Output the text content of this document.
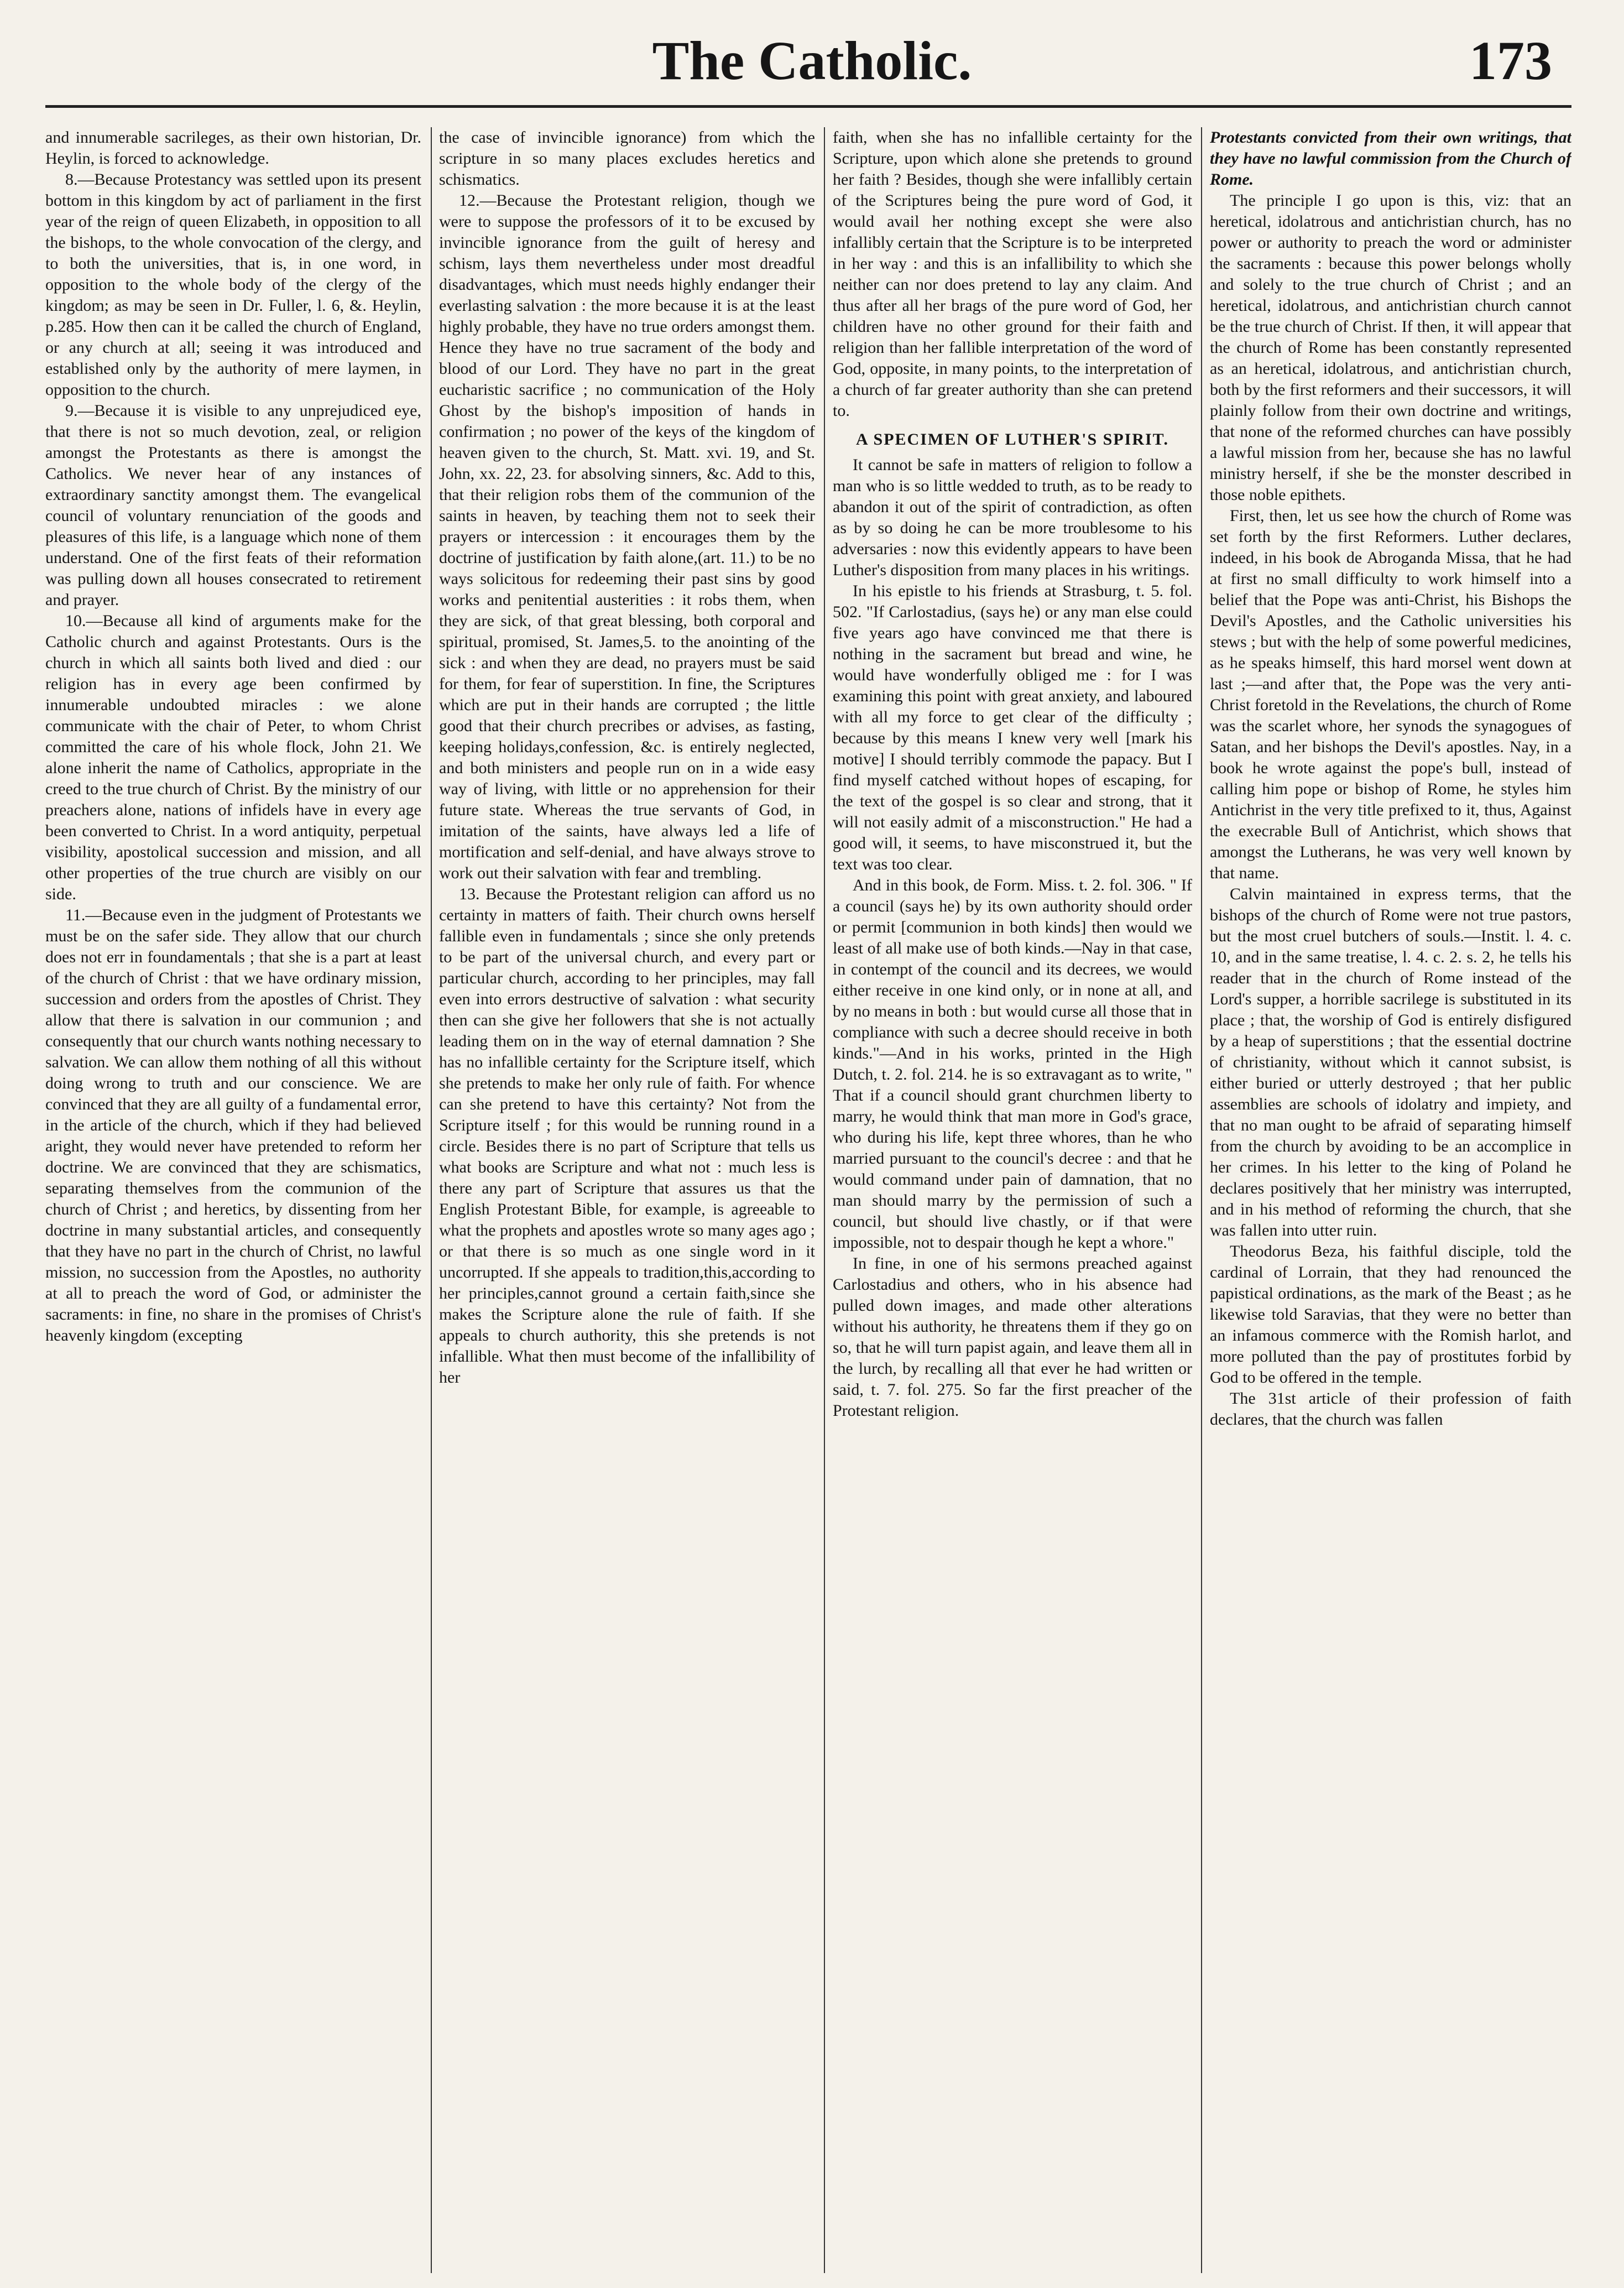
The Catholic.	173

and innumerable sacrileges, as their own historian, Dr. Heylin, is forced to acknowledge.

8.—Because Protestancy was settled upon its present bottom in this kingdom by act of parliament in the first year of the reign of queen Elizabeth, in opposition to all the bishops, to the whole convocation of the clergy, and to both the universities, that is, in one word, in opposition to the whole body of the clergy of the kingdom; as may be seen in Dr. Fuller, l. 6, &. Heylin, p.285. How then can it be called the church of England, or any church at all; seeing it was introduced and established only by the authority of mere laymen, in opposition to the church.

9.—Because it is visible to any unprejudiced eye, that there is not so much devotion, zeal, or religion amongst the Protestants as there is amongst the Catholics. We never hear of any instances of extraordinary sanctity amongst them. The evangelical council of voluntary renunciation of the goods and pleasures of this life, is a language which none of them understand. One of the first feats of their reformation was pulling down all houses consecrated to retirement and prayer.

10.—Because all kind of arguments make for the Catholic church and against Protestants. Ours is the church in which all saints both lived and died : our religion has in every age been confirmed by innumerable undoubted miracles : we alone communicate with the chair of Peter, to whom Christ committed the care of his whole flock, John 21. We alone inherit the name of Catholics, appropriate in the creed to the true church of Christ. By the ministry of our preachers alone, nations of infidels have in every age been converted to Christ. In a word antiquity, perpetual visibility, apostolical succession and mission, and all other properties of the true church are visibly on our side.

11.—Because even in the judgment of Protestants we must be on the safer side. They allow that our church does not err in foundamentals ; that she is a part at least of the church of Christ : that we have ordinary mission, succession and orders from the apostles of Christ. They allow that there is salvation in our communion ; and consequently that our church wants nothing necessary to salvation. We can allow them nothing of all this without doing wrong to truth and our conscience. We are convinced that they are all guilty of a fundamental error, in the article of the church, which if they had believed aright, they would never have pretended to reform her doctrine. We are convinced that they are schismatics, separating themselves from the communion of the church of Christ ; and heretics, by dissenting from her doctrine in many substantial articles, and consequently that they have no part in the church of Christ, no lawful mission, no succession from the Apostles, no authority at all to preach the word of God, or administer the sacraments: in fine, no share in the promises of Christ's heavenly kingdom (excepting

the case of invincible ignorance) from which the scripture in so many places excludes heretics and schismatics.

12.—Because the Protestant religion, though we were to suppose the professors of it to be excused by invincible ignorance from the guilt of heresy and schism, lays them nevertheless under most dreadful disadvantages, which must needs highly endanger their everlasting salvation : the more because it is at the least highly probable, they have no true orders amongst them. Hence they have no true sacrament of the body and blood of our Lord. They have no part in the great eucharistic sacrifice ; no communication of the Holy Ghost by the bishop's imposition of hands in confirmation ; no power of the keys of the kingdom of heaven given to the church, St. Matt. xvi. 19, and St. John, xx. 22, 23. for absolving sinners, &c. Add to this, that their religion robs them of the communion of the saints in heaven, by teaching them not to seek their prayers or intercession : it encourages them by the doctrine of justification by faith alone,(art. 11.) to be no ways solicitous for redeeming their past sins by good works and penitential austerities : it robs them, when they are sick, of that great blessing, both corporal and spiritual, promised, St. James,5. to the anointing of the sick : and when they are dead, no prayers must be said for them, for fear of superstition. In fine, the Scriptures which are put in their hands are corrupted ; the little good that their church precribes or advises, as fasting, keeping holidays,confession, &c. is entirely neglected, and both ministers and people run on in a wide easy way of living, with little or no apprehension for their future state. Whereas the true servants of God, in imitation of the saints, have always led a life of mortification and self-denial, and have always strove to work out their salvation with fear and trembling.

13. Because the Protestant religion can afford us no certainty in matters of faith. Their church owns herself fallible even in fundamentals ; since she only pretends to be part of the universal church, and every part or particular church, according to her principles, may fall even into errors destructive of salvation : what security then can she give her followers that she is not actually leading them on in the way of eternal damnation ? She has no infallible certainty for the Scripture itself, which she pretends to make her only rule of faith. For whence can she pretend to have this certainty? Not from the Scripture itself ; for this would be running round in a circle. Besides there is no part of Scripture that tells us what books are Scripture and what not : much less is there any part of Scripture that assures us that the English Protestant Bible, for example, is agreeable to what the prophets and apostles wrote so many ages ago ; or that there is so much as one single word in it uncorrupted. If she appeals to tradition,this,according to her principles,cannot ground a certain faith,since she makes the Scripture alone the rule of faith. If she appeals to church authority, this she pretends is not infallible. What then must become of the infallibility of her

faith, when she has no infallible certainty for the Scripture, upon which alone she pretends to ground her faith ? Besides, though she were infallibly certain of the Scriptures being the pure word of God, it would avail her nothing except she were also infallibly certain that the Scripture is to be interpreted in her way : and this is an infallibility to which she neither can nor does pretend to lay any claim. And thus after all her brags of the pure word of God, her children have no other ground for their faith and religion than her fallible interpretation of the word of God, opposite, in many points, to the interpretation of a church of far greater authority than she can pretend to.

A SPECIMEN OF LUTHER'S SPIRIT.

It cannot be safe in matters of religion to follow a man who is so little wedded to truth, as to be ready to abandon it out of the spirit of contradiction, as often as by so doing he can be more troublesome to his adversaries : now this evidently appears to have been Luther's disposition from many places in his writings.

In his epistle to his friends at Strasburg, t. 5. fol. 502. "If Carlostadius, (says he) or any man else could five years ago have convinced me that there is nothing in the sacrament but bread and wine, he would have wonderfully obliged me : for I was examining this point with great anxiety, and laboured with all my force to get clear of the difficulty ; because by this means I knew very well [mark his motive] I should terribly commode the papacy. But I find myself catched without hopes of escaping, for the text of the gospel is so clear and strong, that it will not easily admit of a misconstruction." He had a good will, it seems, to have misconstrued it, but the text was too clear.

And in this book, de Form. Miss. t. 2. fol. 306. " If a council (says he) by its own authority should order or permit [communion in both kinds] then would we least of all make use of both kinds.—Nay in that case, in contempt of the council and its decrees, we would either receive in one kind only, or in none at all, and by no means in both : but would curse all those that in compliance with such a decree should receive in both kinds."—And in his works, printed in the High Dutch, t. 2. fol. 214. he is so extravagant as to write, " That if a council should grant churchmen liberty to marry, he would think that man more in God's grace, who during his life, kept three whores, than he who married pursuant to the council's decree : and that he would command under pain of damnation, that no man should marry by the permission of such a council, but should live chastly, or if that were impossible, not to despair though he kept a whore."

In fine, in one of his sermons preached against Carlostadius and others, who in his absence had pulled down images, and made other alterations without his authority, he threatens them if they go on so, that he will turn papist again, and leave them all in the lurch, by recalling all that ever he had written or said, t. 7. fol. 275. So far the first preacher of the Protestant religion.

Protestants convicted from their own writings, that they have no lawful commission from the Church of Rome.

The principle I go upon is this, viz: that an heretical, idolatrous and antichristian church, has no power or authority to preach the word or administer the sacraments : because this power belongs wholly and solely to the true church of Christ ; and an heretical, idolatrous, and antichristian church cannot be the true church of Christ. If then, it will appear that the church of Rome has been constantly represented as an heretical, idolatrous, and antichristian church, both by the first reformers and their successors, it will plainly follow from their own doctrine and writings, that none of the reformed churches can have possibly a lawful mission from her, because she has no lawful ministry herself, if she be the monster described in those noble epithets.

First, then, let us see how the church of Rome was set forth by the first Reformers. Luther declares, indeed, in his book de Abroganda Missa, that he had at first no small difficulty to work himself into a belief that the Pope was anti-Christ, his Bishops the Devil's Apostles, and the Catholic universities his stews ; but with the help of some powerful medicines, as he speaks himself, this hard morsel went down at last ;—and after that, the Pope was the very anti-Christ foretold in the Revelations, the church of Rome was the scarlet whore, her synods the synagogues of Satan, and her bishops the Devil's apostles. Nay, in a book he wrote against the pope's bull, instead of calling him pope or bishop of Rome, he styles him Antichrist in the very title prefixed to it, thus, Against the execrable Bull of Antichrist, which shows that amongst the Lutherans, he was very well known by that name.

Calvin maintained in express terms, that the bishops of the church of Rome were not true pastors, but the most cruel butchers of souls.—Instit. l. 4. c. 10, and in the same treatise, l. 4. c. 2. s. 2, he tells his reader that in the church of Rome instead of the Lord's supper, a horrible sacrilege is substituted in its place ; that, the worship of God is entirely disfigured by a heap of superstitions ; that the essential doctrine of christianity, without which it cannot subsist, is either buried or utterly destroyed ; that her public assemblies are schools of idolatry and impiety, and that no man ought to be afraid of separating himself from the church by avoiding to be an accomplice in her crimes. In his letter to the king of Poland he declares positively that her ministry was interrupted, and in his method of reforming the church, that she was fallen into utter ruin.

Theodorus Beza, his faithful disciple, told the cardinal of Lorrain, that they had renounced the papistical ordinations, as the mark of the Beast ; as he likewise told Saravias, that they were no better than an infamous commerce with the Romish harlot, and more polluted than the pay of prostitutes forbid by God to be offered in the temple.

The 31st article of their profession of faith declares, that the church was fallen
